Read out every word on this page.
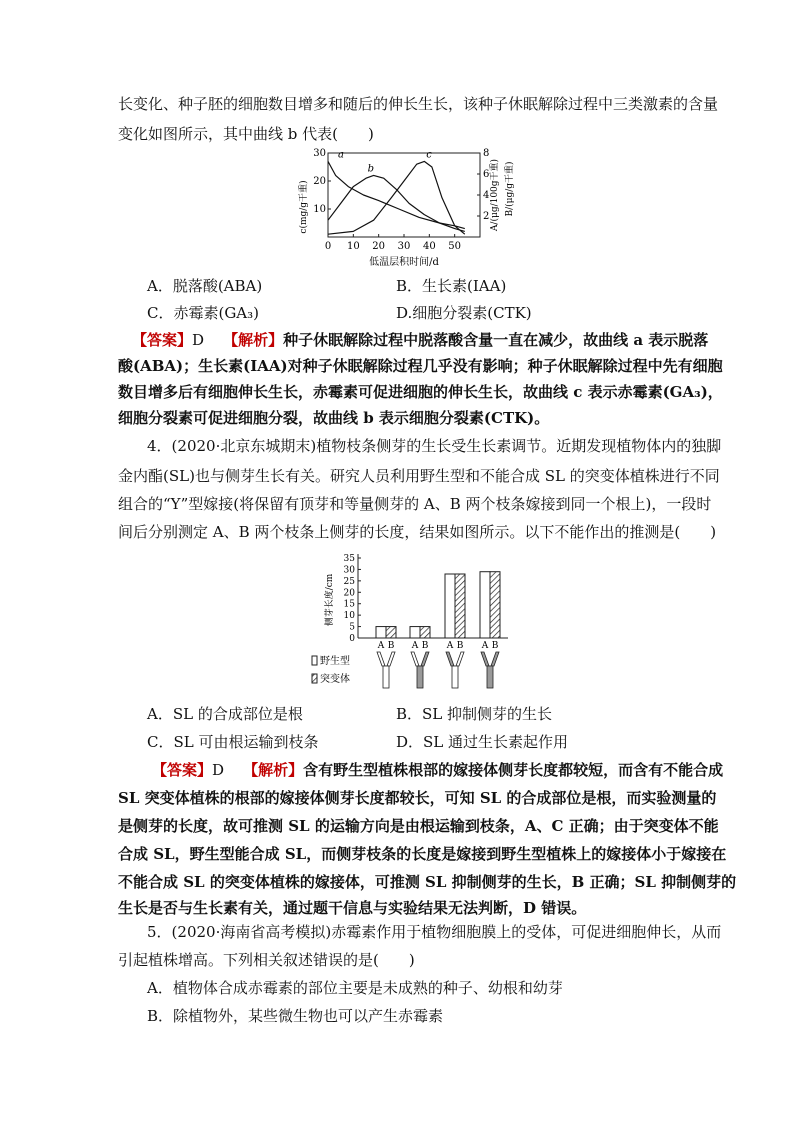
长变化、种子胚的细胞数目增多和随后的伸长生长，该种子休眠解除过程中三类激素的含量
变化如图所示，其中曲线 b 代表(　　)
0 10 20 30 40 50
10
20
30
2
4
6
8
低温层积时间/d
c(mg/g干重)	A/(μg/100g干重) B/(μg/g干重)
a
b
c
A．脱落酸(ABA)	B．生长素(IAA)
C．赤霉素(GA₃)	D.细胞分裂素(CTK)
【答案】D 【解析】种子休眠解除过程中脱落酸含量一直在减少，故曲线 a 表示脱落
酸(ABA)；生长素(IAA)对种子休眠解除过程几乎没有影响；种子休眠解除过程中先有细胞
数目增多后有细胞伸长生长，赤霉素可促进细胞的伸长生长，故曲线 c 表示赤霉素(GA₃)，
细胞分裂素可促进细胞分裂，故曲线 b 表示细胞分裂素(CTK)。
4．(2020·北京东城期末)植物枝条侧芽的生长受生长素调节。近期发现植物体内的独脚
金内酯(SL)也与侧芽生长有关。研究人员利用野生型和不能合成 SL 的突变体植株进行不同
组合的“Y”型嫁接(将保留有顶芽和等量侧芽的 A、B 两个枝条嫁接到同一个根上)，一段时
间后分别测定 A、B 两个枝条上侧芽的长度，结果如图所示。以下不能作出的推测是(　　)
0
5
10
15
20
25
30
35
侧芽长度/cm
A B A B A B A B
野生型
突变体
A．SL 的合成部位是根	B．SL 抑制侧芽的生长
C．SL 可由根运输到枝条	D．SL 通过生长素起作用
【答案】D 【解析】含有野生型植株根部的嫁接体侧芽长度都较短，而含有不能合成
SL 突变体植株的根部的嫁接体侧芽长度都较长，可知 SL 的合成部位是根，而实验测量的
是侧芽的长度，故可推测 SL 的运输方向是由根运输到枝条，A、C 正确；由于突变体不能
合成 SL，野生型能合成 SL，而侧芽枝条的长度是嫁接到野生型植株上的嫁接体小于嫁接在
不能合成 SL 的突变体植株的嫁接体，可推测 SL 抑制侧芽的生长，B 正确；SL 抑制侧芽的
生长是否与生长素有关，通过题干信息与实验结果无法判断，D 错误。
5．(2020·海南省高考模拟)赤霉素作用于植物细胞膜上的受体，可促进细胞伸长，从而
引起植株增高。下列相关叙述错误的是(　　)
A．植物体合成赤霉素的部位主要是未成熟的种子、幼根和幼芽
B．除植物外，某些微生物也可以产生赤霉素
